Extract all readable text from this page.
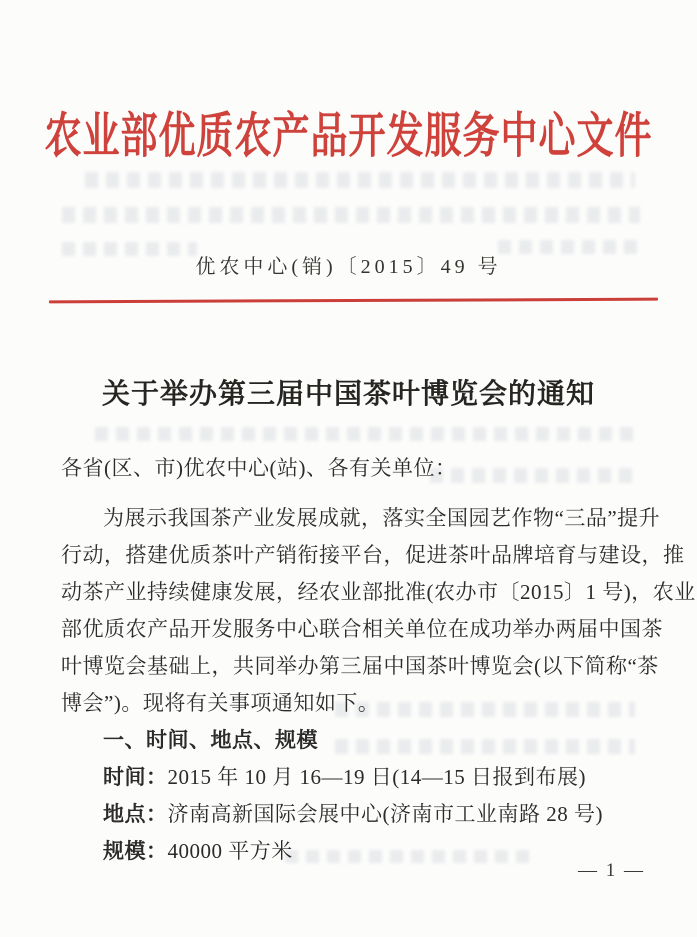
农业部优质农产品开发服务中心文件
优农中心(销)〔2015〕49 号
关于举办第三届中国茶叶博览会的通知
各省(区、市)优农中心(站)、各有关单位：
为展示我国茶产业发展成就，落实全国园艺作物“三品”提升
行动，搭建优质茶叶产销衔接平台，促进茶叶品牌培育与建设，推
动茶产业持续健康发展，经农业部批准(农办市〔2015〕1 号)，农业
部优质农产品开发服务中心联合相关单位在成功举办两届中国茶
叶博览会基础上，共同举办第三届中国茶叶博览会(以下简称“茶
博会”)。现将有关事项通知如下。
一、时间、地点、规模
时间：2015 年 10 月 16—19 日(14—15 日报到布展)
地点：济南高新国际会展中心(济南市工业南路 28 号)
规模：40000 平方米
— 1 —
